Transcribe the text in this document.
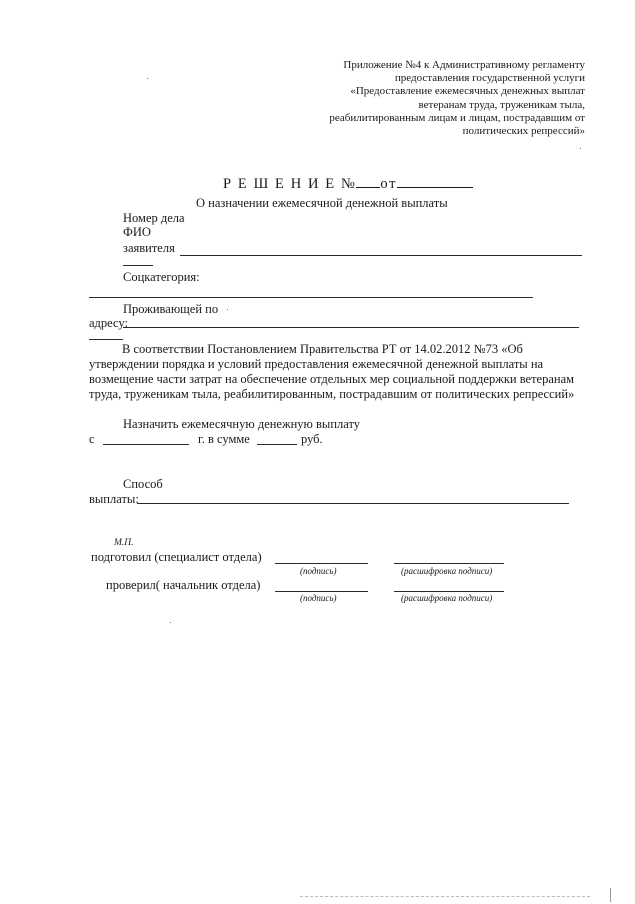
Приложение №4 к Административному регламенту
предоставления государственной услуги
«Предоставление ежемесячных денежных выплат
ветеранам труда, труженикам тыла,
реабилитированным лицам и лицам, пострадавшим от
политических репрессий»
Р Е Ш Е Н И Е № от
О назначении ежемесячной денежной выплаты
Номер дела
ФИО
заявителя
Соцкатегория:
Проживающей по
адресу:
В соответствии Постановлением Правительства РТ от 14.02.2012 №73 «Об утверждении порядка и условий предоставления ежемесячной денежной выплаты на возмещение части затрат на обеспечение отдельных мер социальной поддержки ветеранам труда, труженикам тыла, реабилитированным, пострадавшим от политических репрессий»
Назначить ежемесячную денежную выплату
с	г. в сумме	руб.
Способ
выплаты:
М.П.
подготовил (специалист отдела)
(подпись)	(расшифровка подписи)
проверил( начальник отдела)
(подпись)	(расшифровка подписи)
